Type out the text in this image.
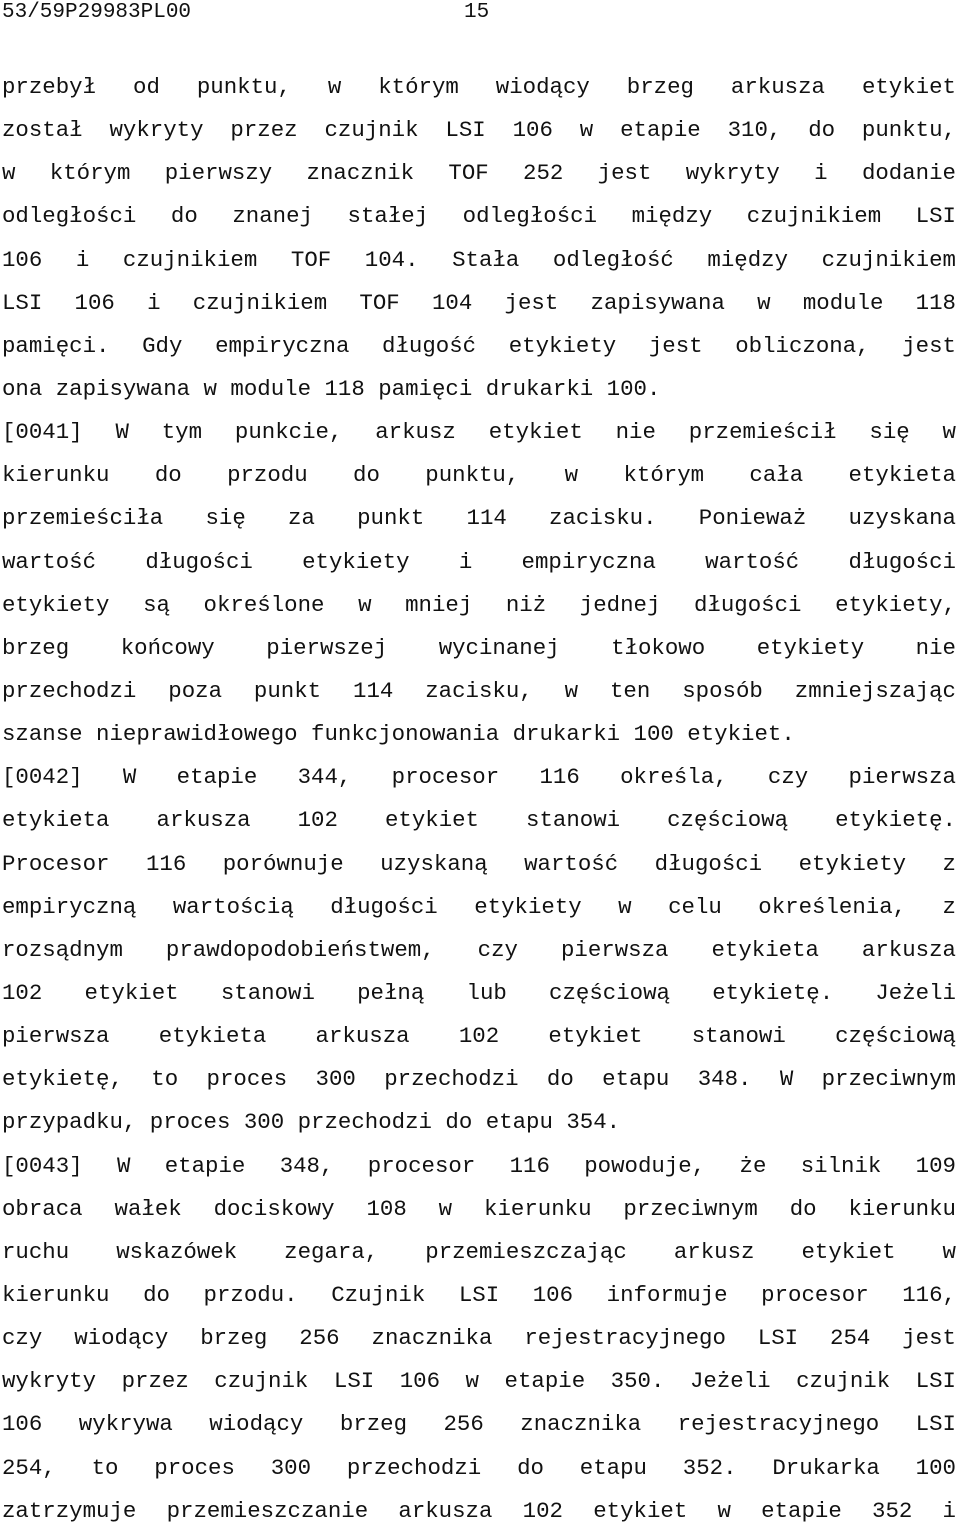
53/59P29983PL00	15
przebył od punktu, w którym wiodący brzeg arkusza etykiet
został wykryty przez czujnik LSI 106 w etapie 310, do punktu,
w którym pierwszy znacznik TOF 252 jest wykryty i dodanie
odległości do znanej stałej odległości między czujnikiem LSI
106 i czujnikiem TOF 104. Stała odległość między czujnikiem
LSI 106 i czujnikiem TOF 104 jest zapisywana w module 118
pamięci. Gdy empiryczna długość etykiety jest obliczona, jest
ona zapisywana w module 118 pamięci drukarki 100.
[0041] W tym punkcie, arkusz etykiet nie przemieścił się w
kierunku do przodu do punktu, w którym cała etykieta
przemieściła się za punkt 114 zacisku. Ponieważ uzyskana
wartość długości etykiety i empiryczna wartość długości
etykiety są określone w mniej niż jednej długości etykiety,
brzeg końcowy pierwszej wycinanej tłokowo etykiety nie
przechodzi poza punkt 114 zacisku, w ten sposób zmniejszając
szanse nieprawidłowego funkcjonowania drukarki 100 etykiet.
[0042] W etapie 344, procesor 116 określa, czy pierwsza
etykieta arkusza 102 etykiet stanowi częściową etykietę.
Procesor 116 porównuje uzyskaną wartość długości etykiety z
empiryczną wartością długości etykiety w celu określenia, z
rozsądnym prawdopodobieństwem, czy pierwsza etykieta arkusza
102 etykiet stanowi pełną lub częściową etykietę. Jeżeli
pierwsza etykieta arkusza 102 etykiet stanowi częściową
etykietę, to proces 300 przechodzi do etapu 348. W przeciwnym
przypadku, proces 300 przechodzi do etapu 354.
[0043] W etapie 348, procesor 116 powoduje, że silnik 109
obraca wałek dociskowy 108 w kierunku przeciwnym do kierunku
ruchu wskazówek zegara, przemieszczając arkusz etykiet w
kierunku do przodu. Czujnik LSI 106 informuje procesor 116,
czy wiodący brzeg 256 znacznika rejestracyjnego LSI 254 jest
wykryty przez czujnik LSI 106 w etapie 350. Jeżeli czujnik LSI
106 wykrywa wiodący brzeg 256 znacznika rejestracyjnego LSI
254, to proces 300 przechodzi do etapu 352. Drukarka 100
zatrzymuje przemieszczanie arkusza 102 etykiet w etapie 352 i
